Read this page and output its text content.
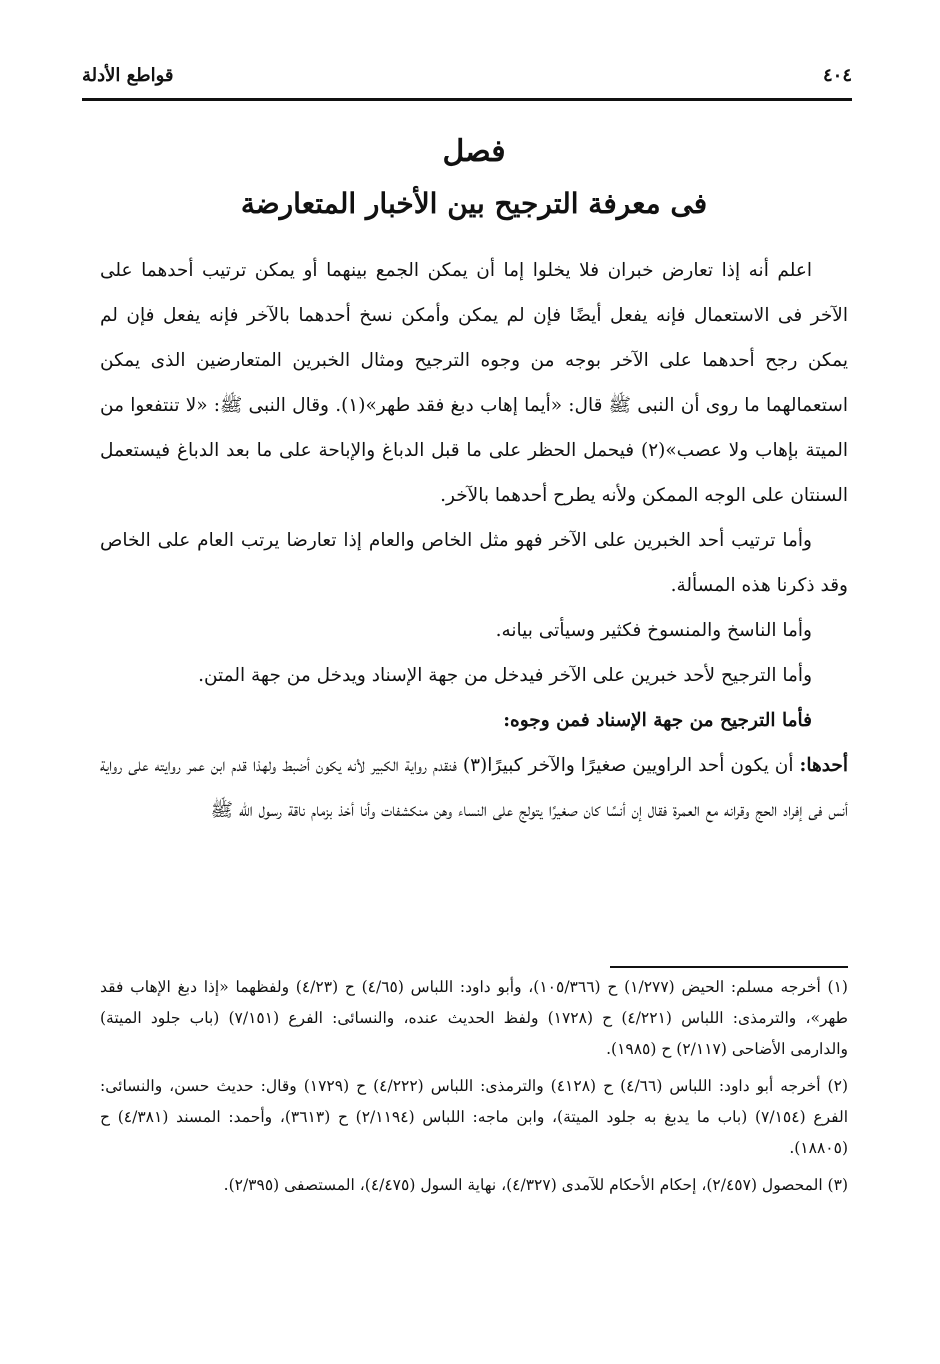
٤٠٤
قواطع الأدلة
فصل
فى معرفة الترجيح بين الأخبار المتعارضة

اعلم أنه إذا تعارض خبران فلا يخلوا إما أن يمكن الجمع بينهما أو يمكن ترتيب أحدهما على الآخر فى الاستعمال فإنه يفعل أيضًا فإن لم يمكن وأمكن نسخ أحدهما بالآخر فإنه يفعل فإن لم يمكن رجح أحدهما على الآخر بوجه من وجوه الترجيح ومثال الخبرين المتعارضين الذى يمكن استعمالهما ما روى أن النبى ﷺ قال: «أيما إهاب دبغ فقد طهر»(١). وقال النبى ﷺ: «لا تنتفعوا من الميتة بإهاب ولا عصب»(٢) فيحمل الحظر على ما قبل الدباغ والإباحة على ما بعد الدباغ فيستعمل السنتان على الوجه الممكن ولأنه يطرح أحدهما بالآخر.

وأما ترتيب أحد الخبرين على الآخر فهو مثل الخاص والعام إذا تعارضا يرتب العام على الخاص وقد ذكرنا هذه المسألة.

وأما الناسخ والمنسوخ فكثير وسيأتى بيانه.

وأما الترجيح لأحد خبرين على الآخر فيدخل من جهة الإسناد ويدخل من جهة المتن.

فأما الترجيح من جهة الإسناد فمن وجوه:

أحدها: أن يكون أحد الراويين صغيرًا والآخر كبيرًا(٣) فنقدم رواية الكبير لأنه يكون أضبط ولهذا قدم ابن عمر روايته على رواية أنس فى إفراد الحج وقرانه مع العمرة فقال إن أنسًا كان صغيرًا يتولج على النساء وهن منكشفات وأنا أخذ بزمام ناقة رسول الله ﷺ

(١) أخرجه مسلم: الحيض (١/٢٧٧) ح (١٠٥/٣٦٦)، وأبو داود: اللباس (٤/٦٥) ح (٤/٢٣) ولفظهما «إذا دبغ الإهاب فقد طهر»، والترمذى: اللباس (٤/٢٢١) ح (١٧٢٨) ولفظ الحديث عنده، والنسائى: الفرع (٧/١٥١) (باب جلود الميتة) والدارمى الأضاحى (٢/١١٧) ح (١٩٨٥).

(٢) أخرجه أبو داود: اللباس (٤/٦٦) ح (٤١٢٨) والترمذى: اللباس (٤/٢٢٢) ح (١٧٢٩) وقال: حديث حسن، والنسائى: الفرع (٧/١٥٤) (باب ما يدبغ به جلود الميتة)، وابن ماجه: اللباس (٢/١١٩٤) ح (٣٦١٣)، وأحمد: المسند (٤/٣٨١) ح (١٨٨٠٥).

(٣) المحصول (٢/٤٥٧)، إحكام الأحكام للآمدى (٤/٣٢٧)، نهاية السول (٤/٤٧٥)، المستصفى (٢/٣٩٥).
